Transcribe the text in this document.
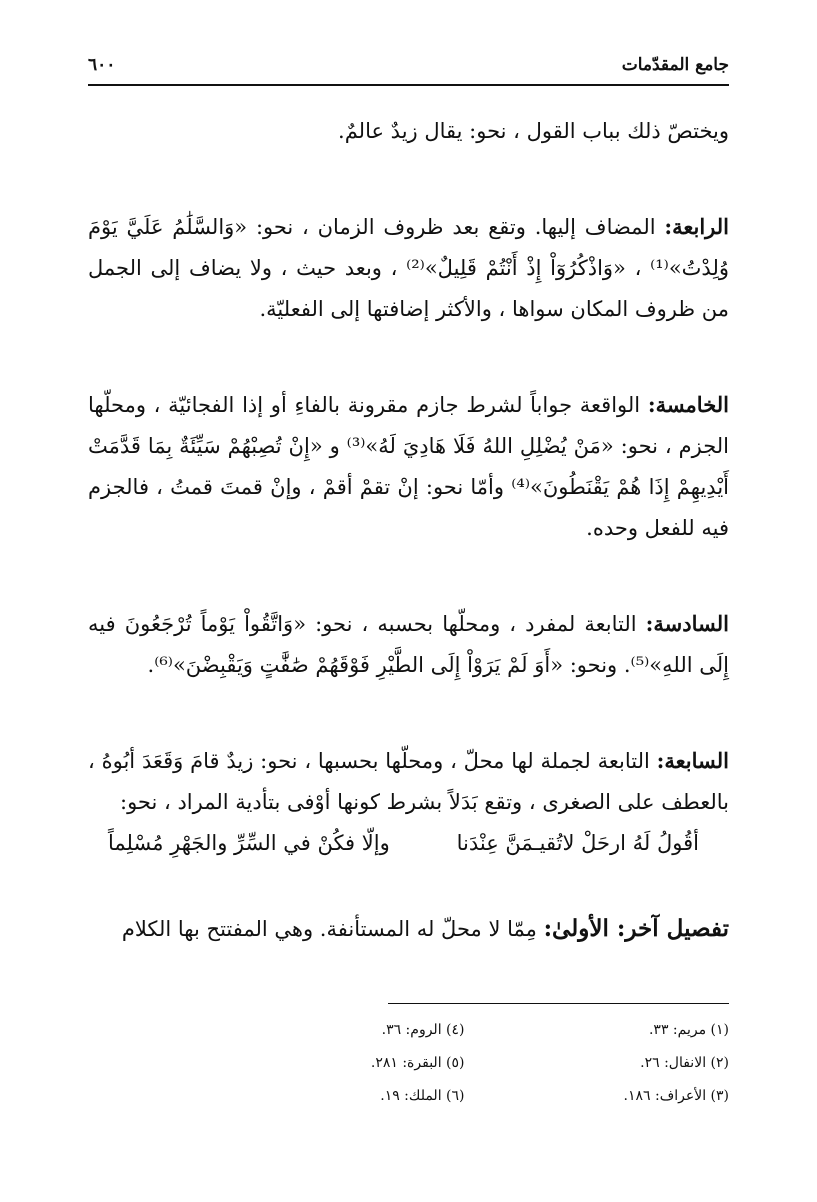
٦٠٠	جامع المقدّمات

ويختصّ ذلك بباب القول ، نحو: يقال زيدٌ عالمٌ.

الرابعة: المضاف إليها. وتقع بعد ظروف الزمان ، نحو: «وَالسَّلَٰمُ عَلَيَّ يَوْمَ وُلِدْتُ»⁽¹⁾ ، «وَاذْكُرُوٓاْ إِذْ أَنْتُمْ قَلِيلٌ»⁽²⁾ ، وبعد حيث ، ولا يضاف إلى الجمل من ظروف المكان سواها ، والأكثر إضافتها إلى الفعليّة.

الخامسة: الواقعة جواباً لشرط جازم مقرونة بالفاءِ أو إذا الفجائيّة ، ومحلّها الجزم ، نحو: «مَنْ يُضْلِلِ اللهُ فَلَا هَادِيَ لَهُ»⁽³⁾ و «إِنْ تُصِبْهُمْ سَيِّئَةٌ بِمَا قَدَّمَتْ أَيْدِيهِمْ إِذَا هُمْ يَقْنَطُونَ»⁽⁴⁾ وأمّا نحو: إنْ تقمْ أقمْ ، وإنْ قمتَ قمتُ ، فالجزم فيه للفعل وحده.

السادسة: التابعة لمفرد ، ومحلّها بحسبه ، نحو: «وَاتَّقُواْ يَوْماً تُرْجَعُونَ فيه إِلَى اللهِ»⁽⁵⁾. ونحو: «أَوَ لَمْ يَرَوْاْ إِلَى الطَّيْرِ فَوْقَهُمْ صَٰفَّٰتٍ وَيَقْبِضْنَ»⁽⁶⁾.

السابعة: التابعة لجملة لها محلّ ، ومحلّها بحسبها ، نحو: زيدٌ قامَ وَقَعَدَ أبُوهُ ، بالعطف على الصغرى ، وتقع بَدَلاً بشرط كونها أوْفى بتأدية المراد ، نحو:
أقُولُ لَهُ ارحَلْ لاتُقيـمَنَّ عِنْدَنا
وإلّا فكُنْ في السِّرِّ والجَهْرِ مُسْلِماً

تفصيل آخر: الأولىٰ: مِمّا لا محلّ له المستأنفة. وهي المفتتح بها الكلام

(١) مريم: ٣٣.
(٤) الروم: ٣٦.
(٢) الانفال: ٢٦.
(٥) البقرة: ٢٨١.
(٣) الأعراف: ١٨٦.
(٦) الملك: ١٩.
